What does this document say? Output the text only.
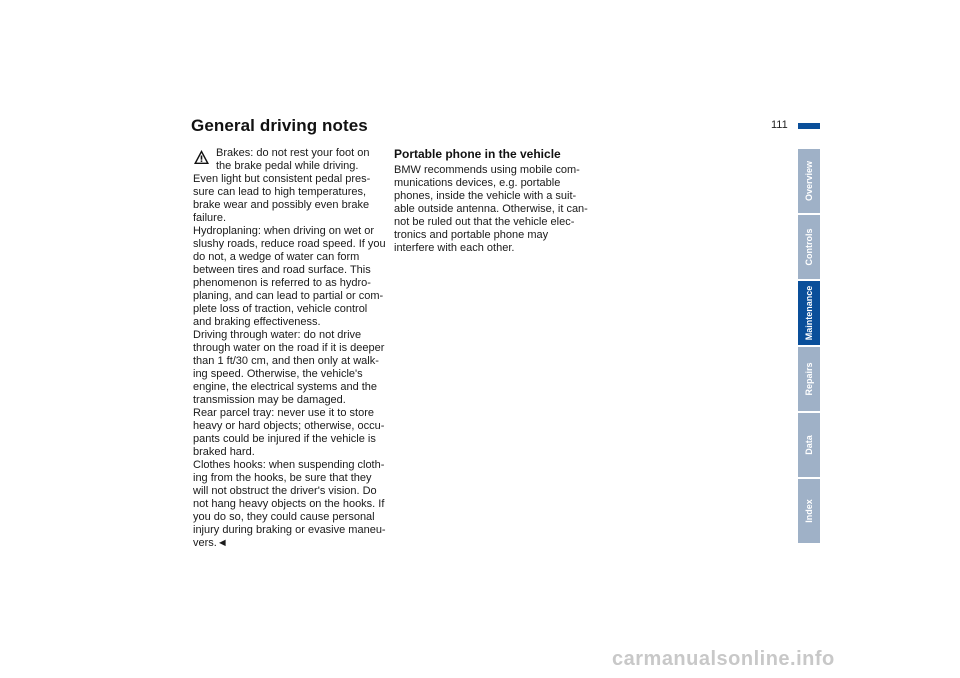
General driving notes	111
Brakes: do not rest your foot on
the brake pedal while driving.
Even light but consistent pedal pres-
sure can lead to high temperatures,
brake wear and possibly even brake
failure.
Hydroplaning: when driving on wet or
slushy roads, reduce road speed. If you
do not, a wedge of water can form
between tires and road surface. This
phenomenon is referred to as hydro-
planing, and can lead to partial or com-
plete loss of traction, vehicle control
and braking effectiveness.
Driving through water: do not drive
through water on the road if it is deeper
than 1 ft/30 cm, and then only at walk-
ing speed. Otherwise, the vehicle's
engine, the electrical systems and the
transmission may be damaged.
Rear parcel tray: never use it to store
heavy or hard objects; otherwise, occu-
pants could be injured if the vehicle is
braked hard.
Clothes hooks: when suspending cloth-
ing from the hooks, be sure that they
will not obstruct the driver's vision. Do
not hang heavy objects on the hooks. If
you do so, they could cause personal
injury during braking or evasive maneu-
vers.◄
Portable phone in the vehicle
BMW recommends using mobile com-
munications devices, e.g. portable
phones, inside the vehicle with a suit-
able outside antenna. Otherwise, it can-
not be ruled out that the vehicle elec-
tronics and portable phone may
interfere with each other.
Overview
Controls
Maintenance
Repairs
Data
Index
carmanualsonline.info
